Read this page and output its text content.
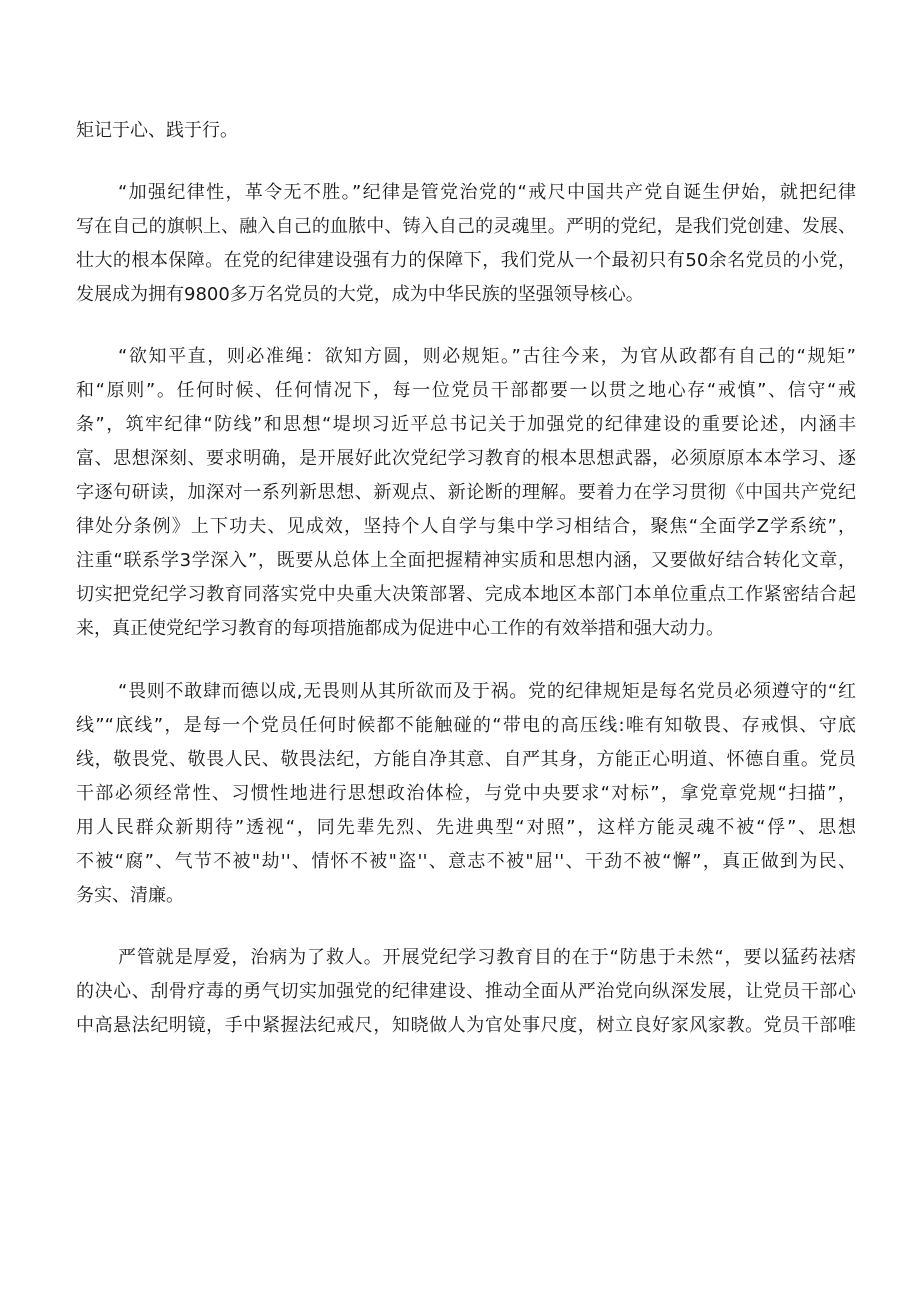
矩记于心、践于行。
“加强纪律性，革令无不胜。”纪律是管党治党的“戒尺中国共产党自诞生伊始，就把纪律
写在自己的旗帜上、融入自己的血脓中、铸入自己的灵魂里。严明的党纪，是我们党创建、发展、
壮大的根本保障。在党的纪律建设强有力的保障下，我们党从一个最初只有50余名党员的小党，
发展成为拥有9800多万名党员的大党，成为中华民族的坚强领导核心。
“欲知平直，则必准绳：欲知方圆，则必规矩。”古往今来，为官从政都有自己的“规矩”
和“原则”。任何时候、任何情况下，每一位党员干部都要一以贯之地心存“戒慎”、信守“戒
条”，筑牢纪律“防线”和思想“堤坝习近平总书记关于加强党的纪律建设的重要论述，内涵丰
富、思想深刻、要求明确，是开展好此次党纪学习教育的根本思想武器，必须原原本本学习、逐
字逐句研读，加深对一系列新思想、新观点、新论断的理解。要着力在学习贯彻《中国共产党纪
律处分条例》上下功夫、见成效，坚持个人自学与集中学习相结合，聚焦“全面学Z学系统”，
注重“联系学3学深入”，既要从总体上全面把握精神实质和思想内涵，又要做好结合转化文章，
切实把党纪学习教育同落实党中央重大决策部署、完成本地区本部门本单位重点工作紧密结合起
来，真正使党纪学习教育的每项措施都成为促进中心工作的有效举措和强大动力。
“畏则不敢肆而德以成,无畏则从其所欲而及于祸。党的纪律规矩是每名党员必须遵守的“红
线”“底线”，是每一个党员任何时候都不能触碰的“带电的高压线:唯有知敬畏、存戒惧、守底
线，敬畏党、敬畏人民、敬畏法纪，方能自净其意、自严其身，方能正心明道、怀德自重。党员
干部必须经常性、习惯性地进行思想政治体检，与党中央要求“对标”，拿党章党规“扫描”，
用人民群众新期待”透视“，同先辈先烈、先进典型“对照”，这样方能灵魂不被“俘”、思想
不被“腐”、气节不被"劫''、情怀不被"盗''、意志不被"屈''、干劲不被“懈”，真正做到为民、
务实、清廉。
严管就是厚爱，治病为了救人。开展党纪学习教育目的在于“防患于未然“，要以猛药祛痞
的决心、刮骨疗毒的勇气切实加强党的纪律建设、推动全面从严治党向纵深发展，让党员干部心
中高悬法纪明镜，手中紧握法纪戒尺，知晓做人为官处事尺度，树立良好家风家教。党员干部唯
